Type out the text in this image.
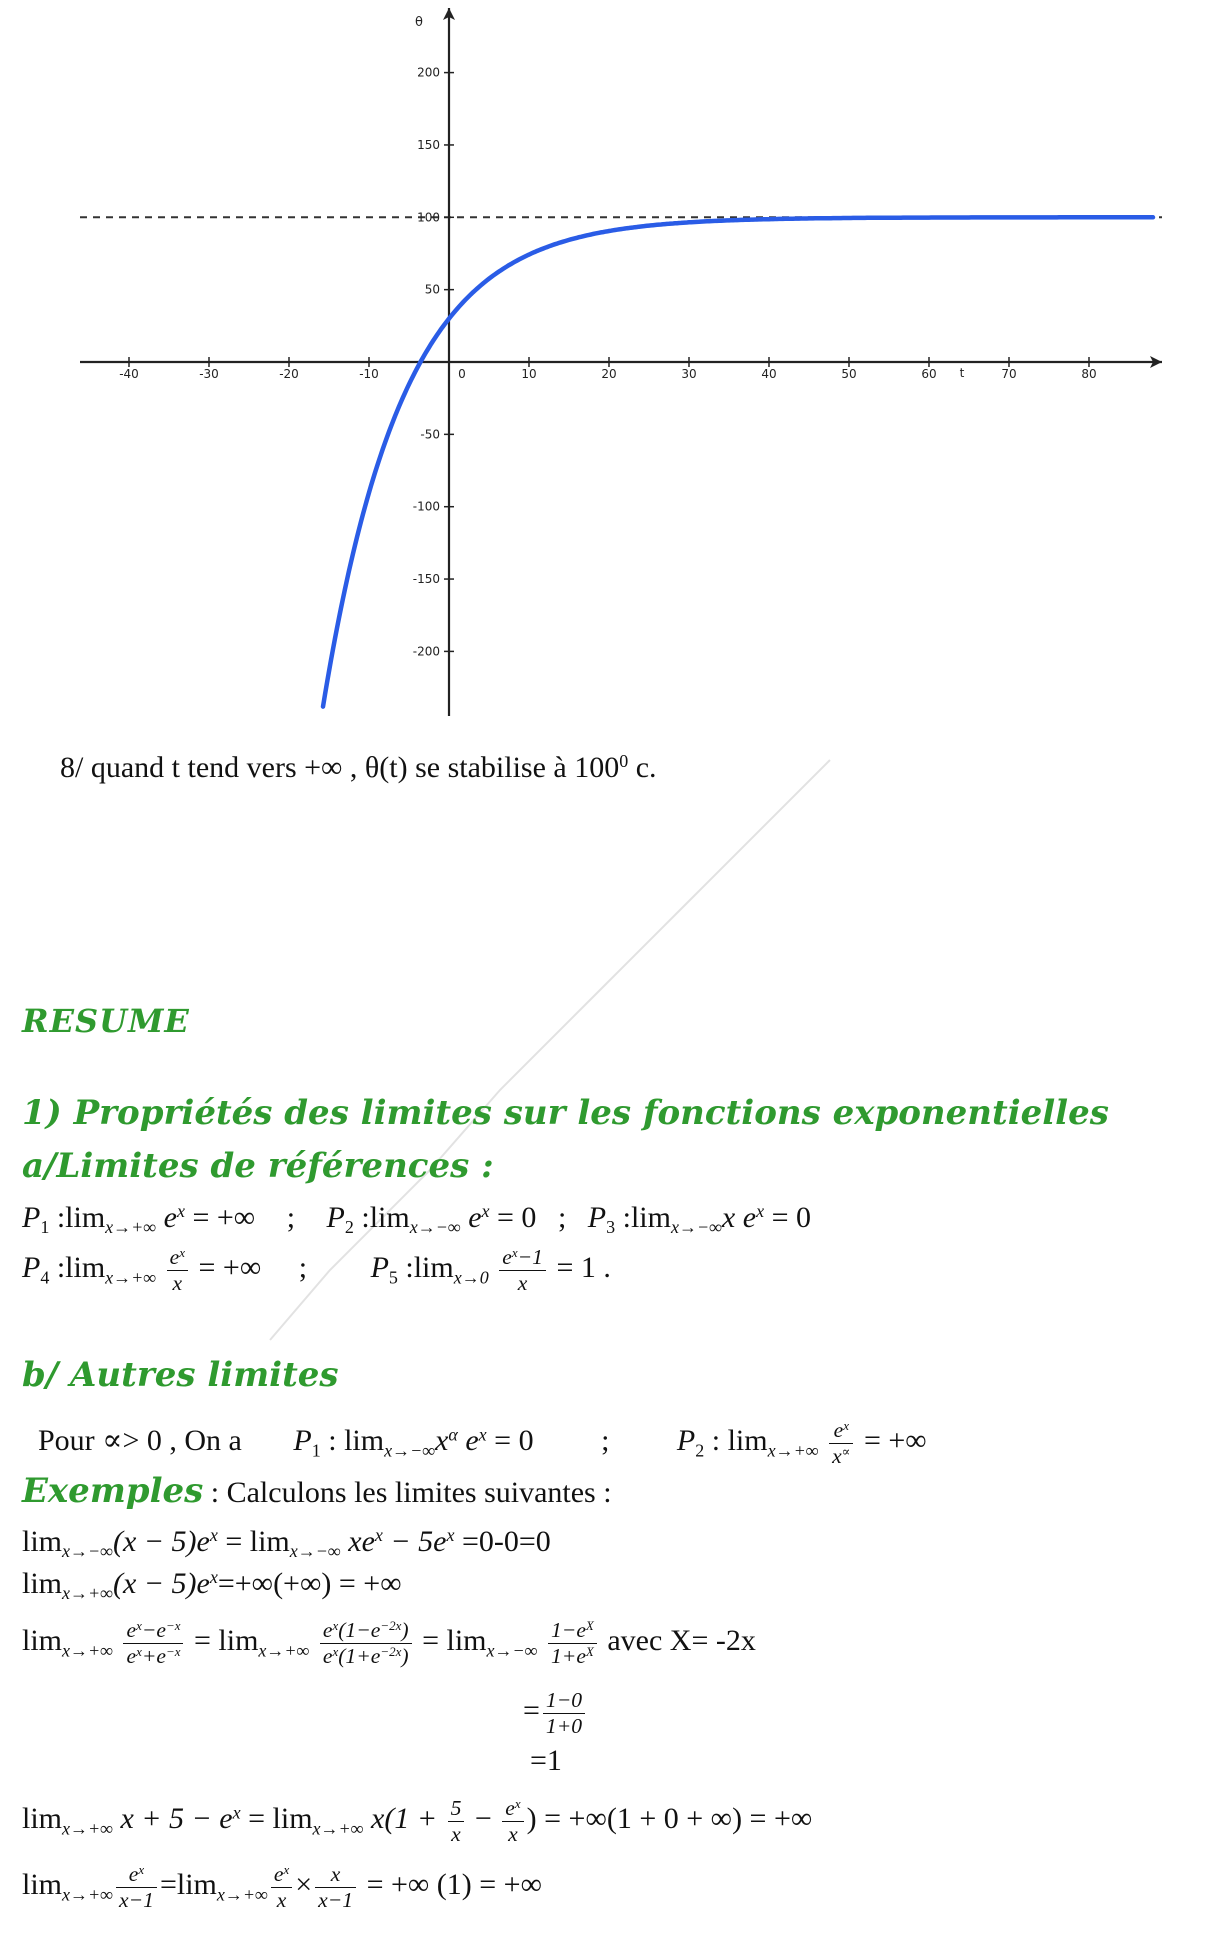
-40	-30	-20	-10	0	10	20	30	40	50	60	70	80
-200
-150
-100
-50
50
100
150
200
t
θ
8/ quand t tend vers +∞ , θ(t) se stabilise à $100^0$ c.
RESUME
1) Propriétés des limites sur les fonctions exponentielles
a/Limites de références :
$P_1$ $:\lim_{x\to+\infty}$ $e^x$ = +∞ ; $P_2$ $:\lim_{x\to-\infty}$ $e^x = 0$ ; $P_3$ $:\lim_{x\to-\infty}x$ $e^x = 0$
$P_4$ $:\lim_{x\to+\infty} \frac{e^x}{x}$ = +∞ ; $P_5$ $:\lim_{x\to 0} \frac{e^x-1}{x} = 1$ .
b/ Autres limites
Pour ∝> 0 , On a $P_1$ : $\lim_{x\to-\infty}x^\alpha$ $e^x = 0$ ; $P_2$ : $\lim_{x\to+\infty} \frac{e^x}{x^\propto}$ = +∞
Exemples : Calculons les limites suivantes :
$\lim_{x\to-\infty}(x - 5)e^x = \lim_{x\to-\infty} xe^x - 5e^x =0-0=0$
$\lim_{x\to+\infty}(x - 5)e^x=+\infty(+\infty)$ = +∞
$\lim_{x\to+\infty} \frac{e^x-e^{-x}}{e^x+e^{-x}} = \lim_{x\to+\infty} \frac{e^x(1-e^{-2x})}{e^x(1+e^{-2x})} = \lim_{x\to-\infty} \frac{1-e^X}{1+e^X}$ avec X= -2x
= $\frac{1-0}{1+0}$
=1
$\lim_{x\to+\infty} x + 5 - e^x = \lim_{x\to+\infty} x(1 + \frac{5}{x} - \frac{e^x}{x}$ ) = +∞(1 + 0 + ∞) = +∞
$\lim_{x\to+\infty} \frac{e^x}{x-1} =\lim_{x\to+\infty} \frac{e^x}{x} \times \frac{x}{x-1}$ = +∞ (1) = +∞
